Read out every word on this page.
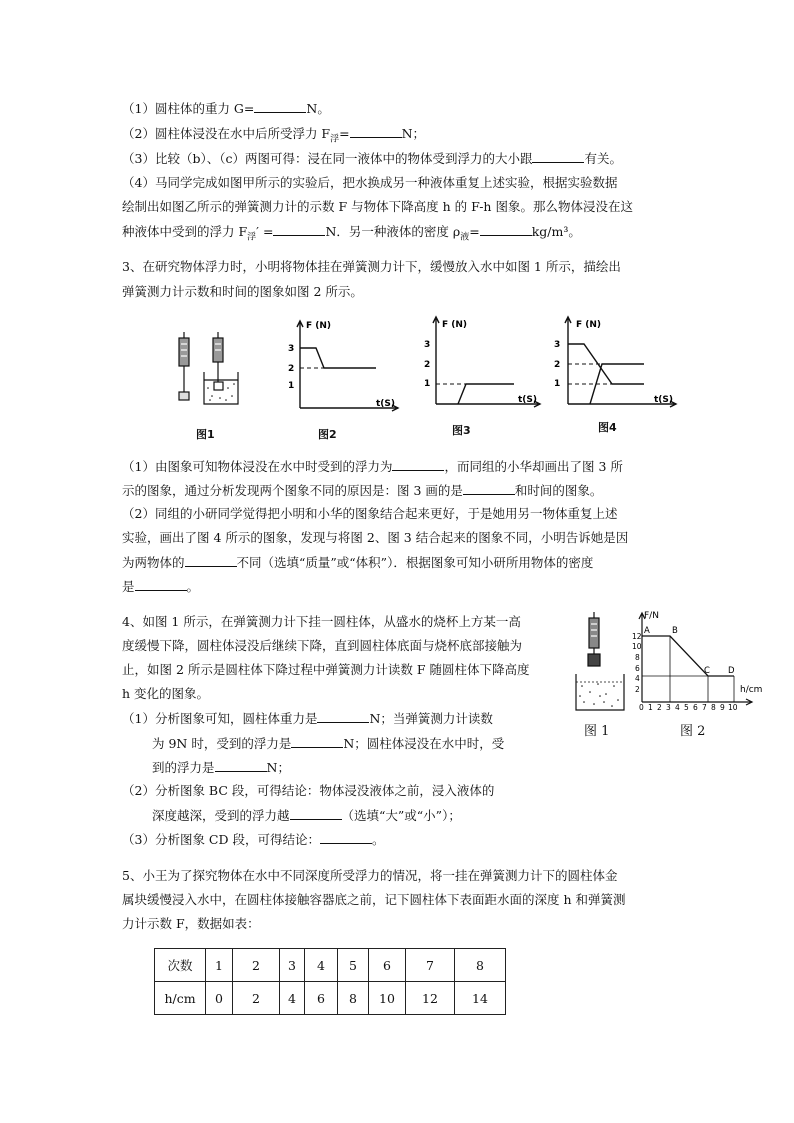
（1）圆柱体的重力 G=	N。
（2）圆柱体浸没在水中后所受浮力 $F_浮=$	N；
（3）比较（b）、（c）两图可得：浸在同一液体中的物体受到浮力的大小跟	有关。
（4）马同学完成如图甲所示的实验后，把水换成另一种液体重复上述实验，根据实验数据
绘制出如图乙所示的弹簧测力计的示数 F 与物体下降高度 h 的 F-h 图象。那么物体浸没在这
种液体中受到的浮力 $F_浮'$ =	N．另一种液体的密度 $\rho_液=$	kg/m³。
3、在研究物体浮力时，小明将物体挂在弹簧测力计下，缓慢放入水中如图 1 所示，描绘出
弹簧测力计示数和时间的图象如图 2 所示。
F (N)
t(S)
3
2
1
F (N)
t(S)
3
2
1
F (N)
t(S)
3
2
1
图1	图2	图3	图4
（1）由图象可知物体浸没在水中时受到的浮力为	，而同组的小华却画出了图 3 所
示的图象，通过分析发现两个图象不同的原因是：图 3 画的是	和时间的图象。
（2）同组的小研同学觉得把小明和小华的图象结合起来更好，于是她用另一物体重复上述
实验，画出了图 4 所示的图象，发现与将图 2、图 3 结合起来的图象不同，小明告诉她是因
为两物体的	不同（选填“质量”或“体积”）．根据图象可知小研所用物体的密度
是	。
4、如图 1 所示，在弹簧测力计下挂一圆柱体，从盛水的烧杯上方某一高
度缓慢下降，圆柱体浸没后继续下降，直到圆柱体底面与烧杯底部接触为
止，如图 2 所示是圆柱体下降过程中弹簧测力计读数 F 随圆柱体下降高度
h 变化的图象。
（1）分析图象可知，圆柱体重力是	N；当弹簧测力计读数
为 9N 时，受到的浮力是	N；圆柱体浸没在水中时，受
到的浮力是	N；
（2）分析图象 BC 段，可得结论：物体浸没液体之前，浸入液体的
深度越深，受到的浮力越	（选填“大”或“小”）；
（3）分析图象 CD 段，可得结论：	。
图 1
F/N
h/cm
12
10
8
6
4
2
0 1 2 3 4 5 6 7 8 9 10
A	B
C D
图 2
5、小王为了探究物体在水中不同深度所受浮力的情况，将一挂在弹簧测力计下的圆柱体金
属块缓慢浸入水中，在圆柱体接触容器底之前，记下圆柱体下表面距水面的深度 h 和弹簧测
力计示数 F，数据如表：
次数	1	2	3	4	5	6	7	8
h/cm	0	2	4	6	8	10	12	14
